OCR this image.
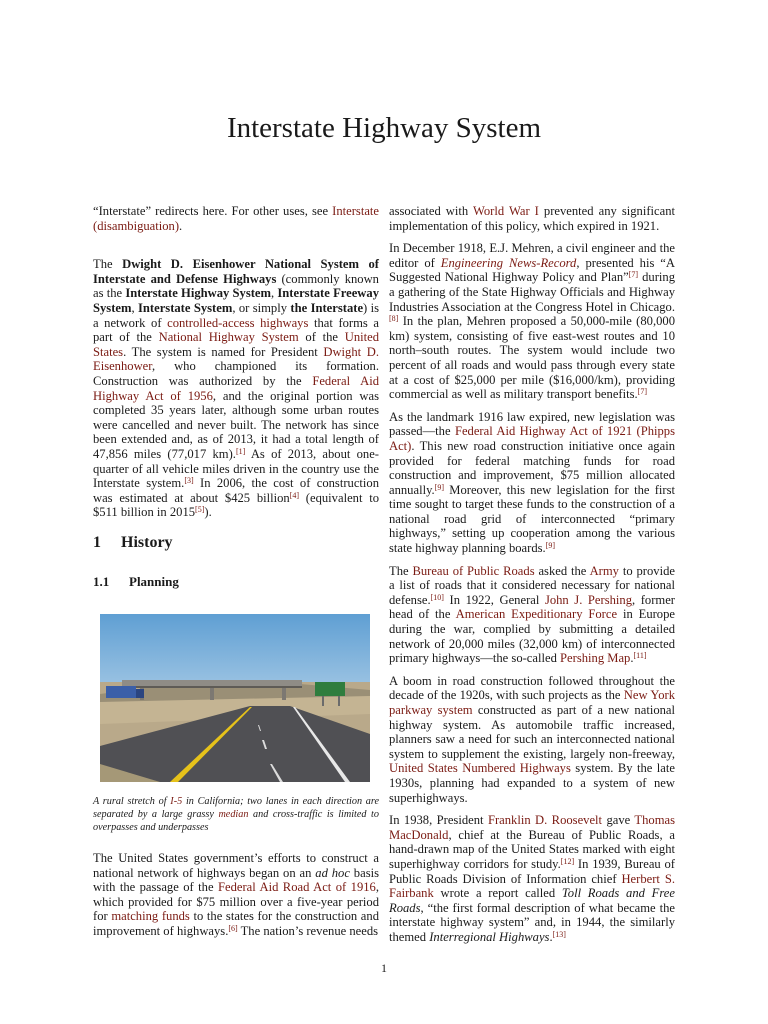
Interstate Highway System

“Interstate” redirects here. For other uses, see Interstate (disambiguation).

The Dwight D. Eisenhower National System of Interstate and Defense Highways (commonly known as the Interstate Highway System, Interstate Freeway System, Interstate System, or simply the Interstate) is a network of controlled-access highways that forms a part of the National Highway System of the United States. The system is named for President Dwight D. Eisenhower, who championed its formation. Construction was authorized by the Federal Aid Highway Act of 1956, and the original portion was completed 35 years later, although some urban routes were cancelled and never built. The network has since been extended and, as of 2013, it had a total length of 47,856 miles (77,017 km).[1] As of 2013, about one-quarter of all vehicle miles driven in the country use the Interstate system.[3] In 2006, the cost of construction was estimated at about $425 billion[4] (equivalent to $511 billion in 2015[5]).

1 History
1.1 Planning
A rural stretch of I-5 in California; two lanes in each direction are separated by a large grassy median and cross-traffic is limited to overpasses and underpasses

The United States government’s efforts to construct a national network of highways began on an ad hoc basis with the passage of the Federal Aid Road Act of 1916, which provided for $75 million over a five-year period for matching funds to the states for the construction and improvement of highways.[6] The nation’s revenue needs

associated with World War I prevented any significant implementation of this policy, which expired in 1921.

In December 1918, E.J. Mehren, a civil engineer and the editor of Engineering News-Record, presented his “A Suggested National Highway Policy and Plan”[7] during a gathering of the State Highway Officials and Highway Industries Association at the Congress Hotel in Chicago.[8] In the plan, Mehren proposed a 50,000-mile (80,000 km) system, consisting of five east-west routes and 10 north–south routes. The system would include two percent of all roads and would pass through every state at a cost of $25,000 per mile ($16,000/km), providing commercial as well as military transport benefits.[7]

As the landmark 1916 law expired, new legislation was passed—the Federal Aid Highway Act of 1921 (Phipps Act). This new road construction initiative once again provided for federal matching funds for road construction and improvement, $75 million allocated annually.[9] Moreover, this new legislation for the first time sought to target these funds to the construction of a national road grid of interconnected “primary highways,” setting up cooperation among the various state highway planning boards.[9]

The Bureau of Public Roads asked the Army to provide a list of roads that it considered necessary for national defense.[10] In 1922, General John J. Pershing, former head of the American Expeditionary Force in Europe during the war, complied by submitting a detailed network of 20,000 miles (32,000 km) of interconnected primary highways—the so-called Pershing Map.[11]

A boom in road construction followed throughout the decade of the 1920s, with such projects as the New York parkway system constructed as part of a new national highway system. As automobile traffic increased, planners saw a need for such an interconnected national system to supplement the existing, largely non-freeway, United States Numbered Highways system. By the late 1930s, planning had expanded to a system of new superhighways.

In 1938, President Franklin D. Roosevelt gave Thomas MacDonald, chief at the Bureau of Public Roads, a hand-drawn map of the United States marked with eight superhighway corridors for study.[12] In 1939, Bureau of Public Roads Division of Information chief Herbert S. Fairbank wrote a report called Toll Roads and Free Roads, “the first formal description of what became the interstate highway system” and, in 1944, the similarly themed Interregional Highways.[13]

1
